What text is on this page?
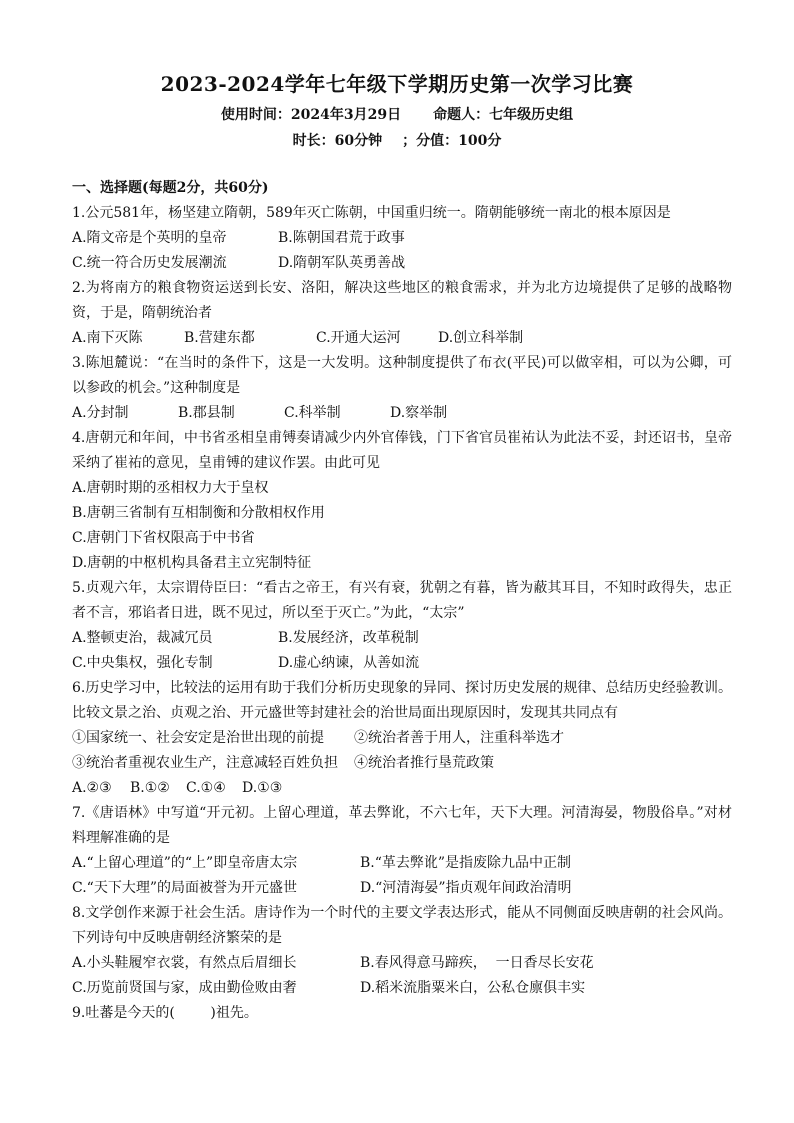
2023-2024学年七年级下学期历史第一次学习比赛
使用时间：2024年3月29日 命题人：七年级历史组
时长：60分钟 ；分值：100分
一、选择题(每题2分，共60分)
1.公元581年，杨坚建立隋朝，589年灭亡陈朝，中国重归统一。隋朝能够统一南北的根本原因是
A.隋文帝是个英明的皇帝	B.陈朝国君荒于政事
C.统一符合历史发展潮流	D.隋朝军队英勇善战
2.为将南方的粮食物资运送到长安、洛阳，解决这些地区的粮食需求，并为北方边境提供了足够的战略物资，于是，隋朝统治者
A.南下灭陈	B.营建东都	C.开通大运河	D.创立科举制
3.陈旭麓说：“在当时的条件下，这是一大发明。这种制度提供了布衣(平民)可以做宰相，可以为公卿，可以参政的机会。”这种制度是
A.分封制	B.郡县制	C.科举制	D.察举制
4.唐朝元和年间，中书省丞相皇甫镈奏请减少内外官俸钱，门下省官员崔祐认为此法不妥，封还诏书，皇帝采纳了崔祐的意见，皇甫镈的建议作罢。由此可见
A.唐朝时期的丞相权力大于皇权
B.唐朝三省制有互相制衡和分散相权作用
C.唐朝门下省权限高于中书省
D.唐朝的中枢机构具备君主立宪制特征
5.贞观六年，太宗谓侍臣曰：“看古之帝王，有兴有衰，犹朝之有暮，皆为蔽其耳目，不知时政得失，忠正者不言，邪谄者日进，既不见过，所以至于灭亡。”为此，“太宗”
A.整顿吏治，裁减冗员	B.发展经济，改革税制
C.中央集权，强化专制	D.虚心纳谏，从善如流
6.历史学习中，比较法的运用有助于我们分析历史现象的异同、探讨历史发展的规律、总结历史经验教训。比较文景之治、贞观之治、开元盛世等封建社会的治世局面出现原因时，发现其共同点有
①国家统一、社会安定是治世出现的前提 ②统治者善于用人，注重科举选才
③统治者重视农业生产，注意减轻百姓负担 ④统治者推行垦荒政策
A.②③ B.①② C.①④ D.①③
7.《唐语林》中写道“开元初。上留心理道，革去弊讹，不六七年，天下大理。河清海晏，物殷俗阜。”对材料理解准确的是
A.“上留心理道”的“上”即皇帝唐太宗	B.“革去弊讹”是指废除九品中正制
C.“天下大理”的局面被誉为开元盛世	D.“河清海晏”指贞观年间政治清明
8.文学创作来源于社会生活。唐诗作为一个时代的主要文学表达形式，能从不同侧面反映唐朝的社会风尚。下列诗句中反映唐朝经济繁荣的是
A.小头鞋履窄衣裳，有然点后眉细长	B.春风得意马蹄疾，  一日香尽长安花
C.历览前贤国与家，成由勤俭败由奢	D.稻米流脂粟米白，公私仓廪俱丰实
9.吐蕃是今天的(        )祖先。
